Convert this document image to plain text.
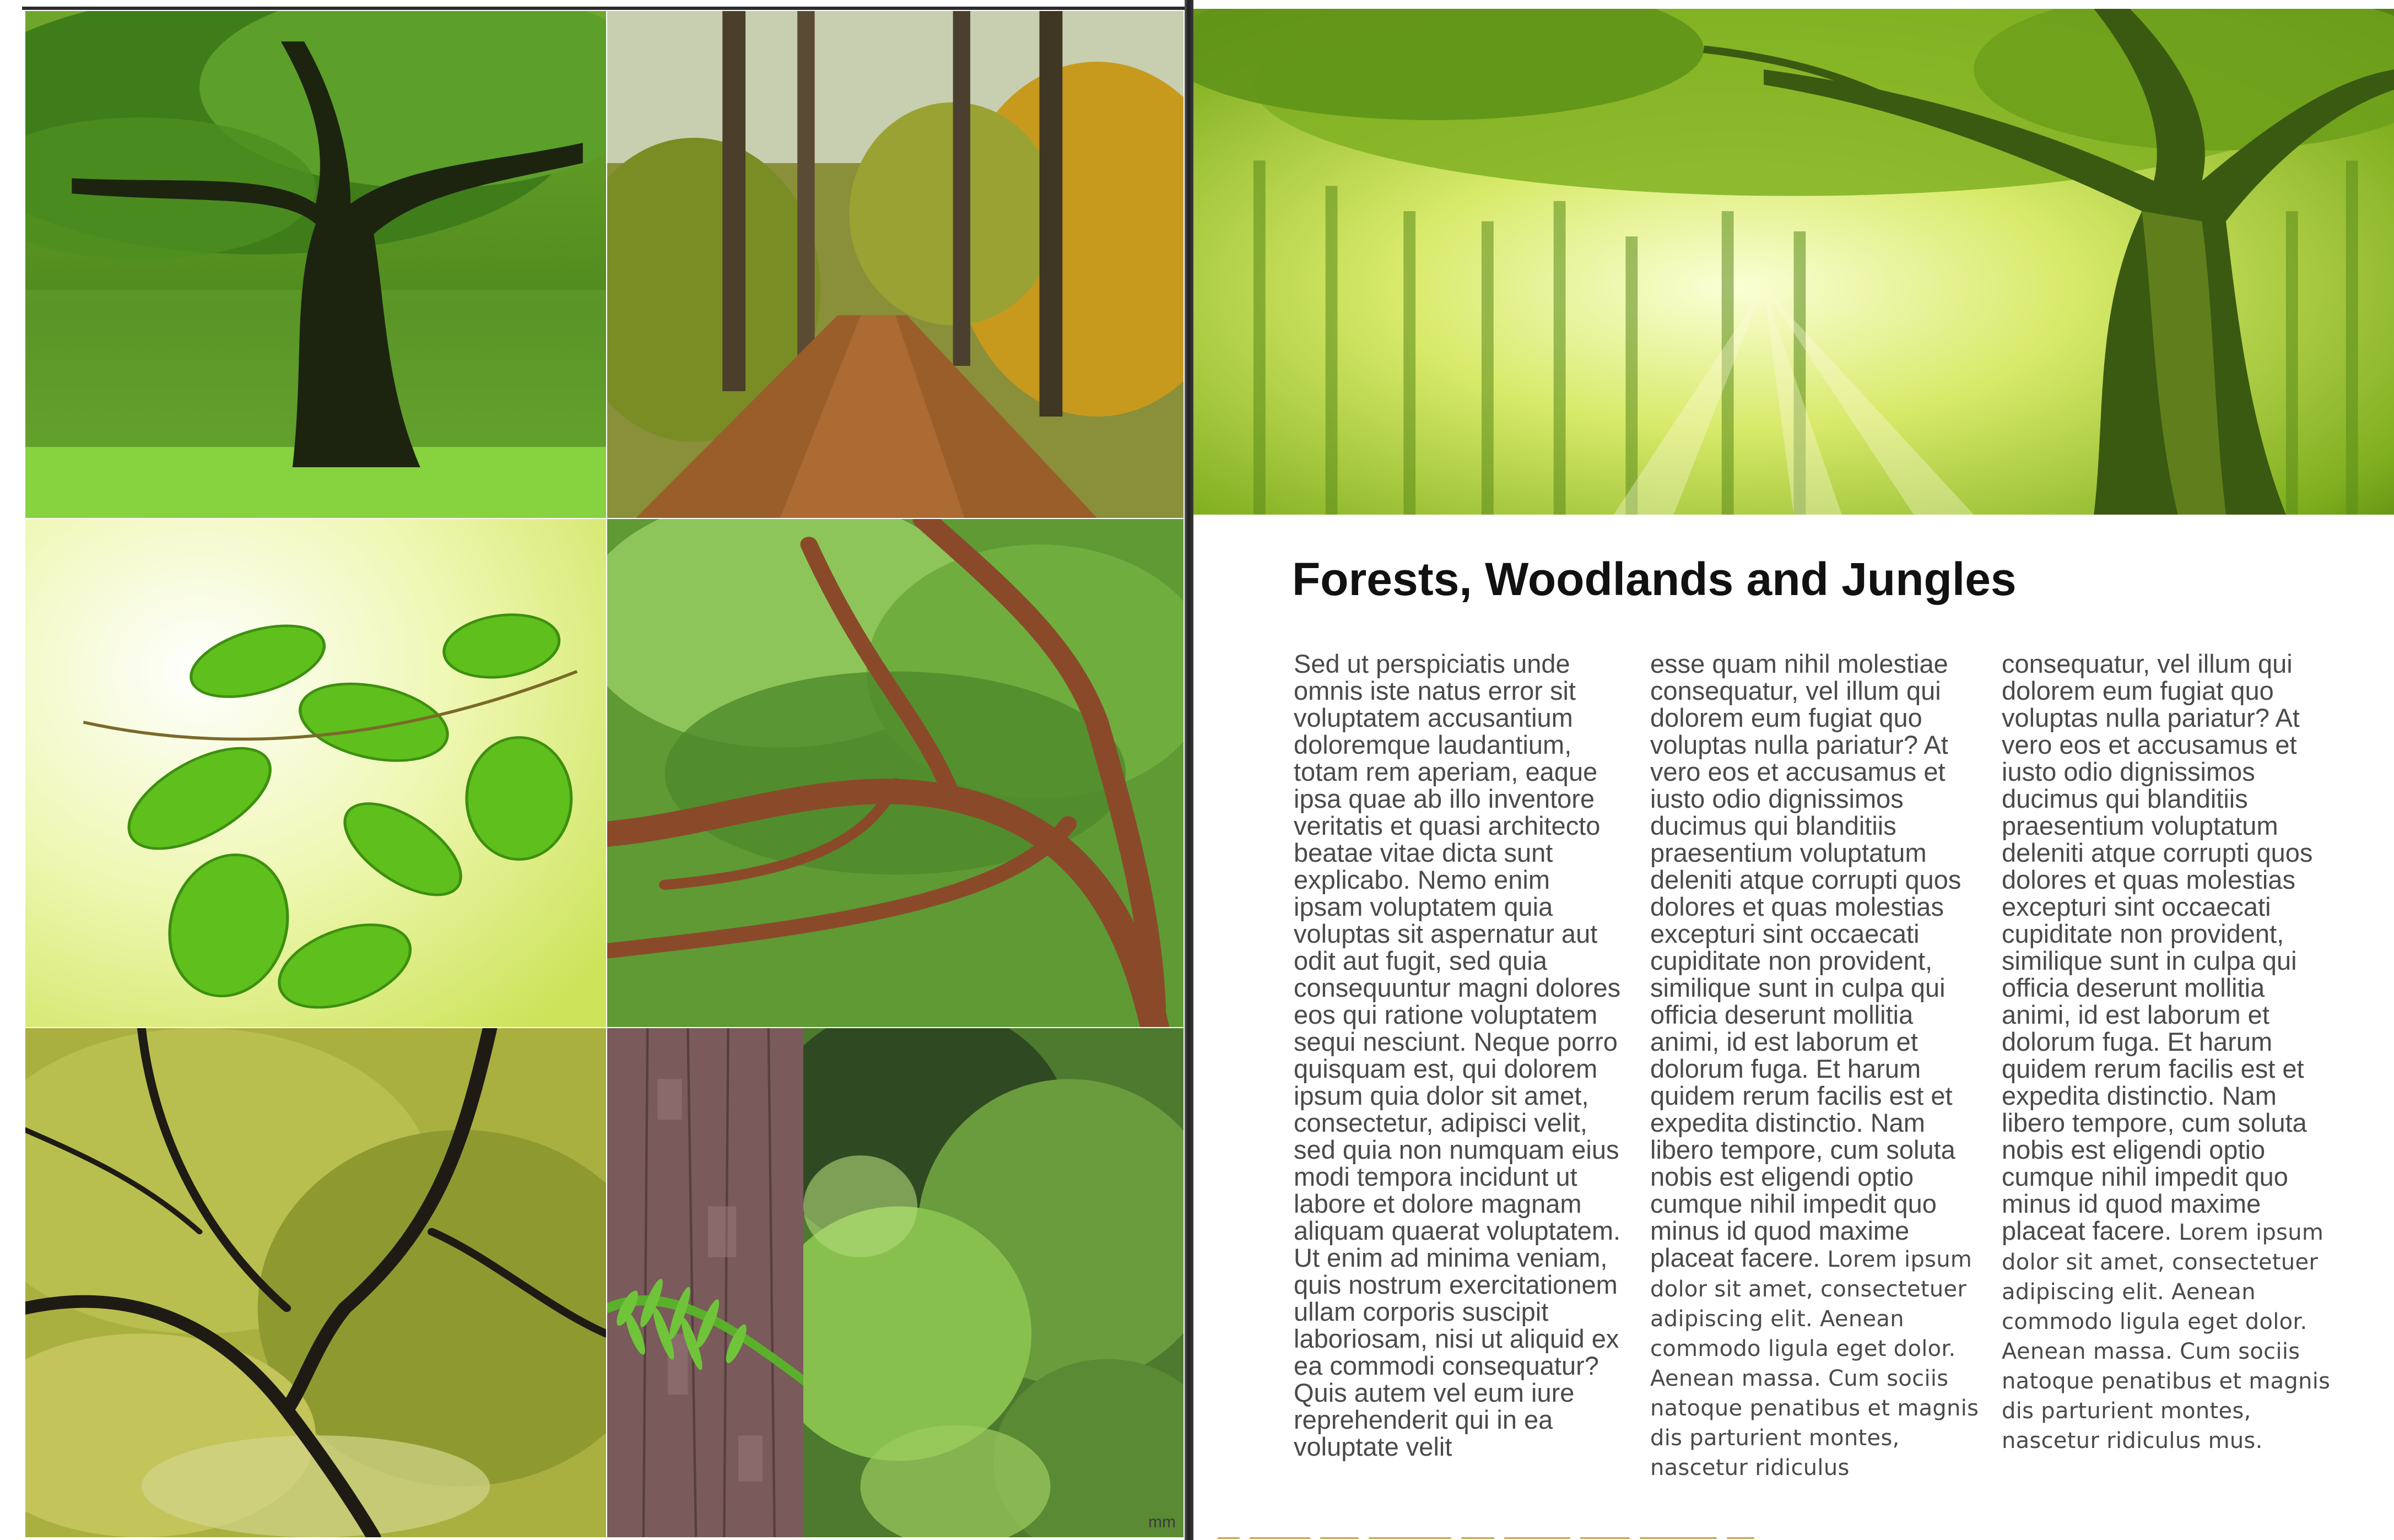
mm
Forests, Woodlands and Jungles

Sed ut perspiciatis unde omnis iste natus error sit voluptatem accusantium doloremque laudantium, totam rem aperiam, eaque ipsa quae ab illo inventore veritatis et quasi architecto beatae vitae dicta sunt explicabo. Nemo enim ipsam voluptatem quia voluptas sit aspernatur aut odit aut fugit, sed quia consequuntur magni dolores eos qui ratione voluptatem sequi nesciunt. Neque porro quisquam est, qui dolorem ipsum quia dolor sit amet, consectetur, adipisci velit, sed quia non numquam eius modi tempora incidunt ut labore et dolore magnam aliquam quaerat voluptatem. Ut enim ad minima veniam, quis nostrum exercitationem ullam corporis suscipit laboriosam, nisi ut aliquid ex ea commodi consequatur? Quis autem vel eum iure reprehenderit qui in ea voluptate velit

esse quam nihil molestiae consequatur, vel illum qui dolorem eum fugiat quo voluptas nulla pariatur? At vero eos et accusamus et iusto odio dignissimos ducimus qui blanditiis praesentium voluptatum deleniti atque corrupti quos dolores et quas molestias excepturi sint occaecati cupiditate non provident, similique sunt in culpa qui officia deserunt mollitia animi, id est laborum et dolorum fuga. Et harum quidem rerum facilis est et expedita distinctio. Nam libero tempore, cum soluta nobis est eligendi optio cumque nihil impedit quo minus id quod maxime placeat facere. Lorem ipsum dolor sit amet, consectetuer adipiscing elit. Aenean commodo ligula eget dolor. Aenean massa. Cum sociis natoque penatibus et magnis dis parturient montes, nascetur ridiculus

consequatur, vel illum qui dolorem eum fugiat quo voluptas nulla pariatur? At vero eos et accusamus et iusto odio dignissimos ducimus qui blanditiis praesentium voluptatum deleniti atque corrupti quos dolores et quas molestias excepturi sint occaecati cupiditate non provident, similique sunt in culpa qui officia deserunt mollitia animi, id est laborum et dolorum fuga. Et harum quidem rerum facilis est et expedita distinctio. Nam libero tempore, cum soluta nobis est eligendi optio cumque nihil impedit quo minus id quod maxime placeat facere. Lorem ipsum dolor sit amet, consectetuer adipiscing elit. Aenean commodo ligula eget dolor. Aenean massa. Cum sociis natoque penatibus et magnis dis parturient montes, nascetur ridiculus mus.
